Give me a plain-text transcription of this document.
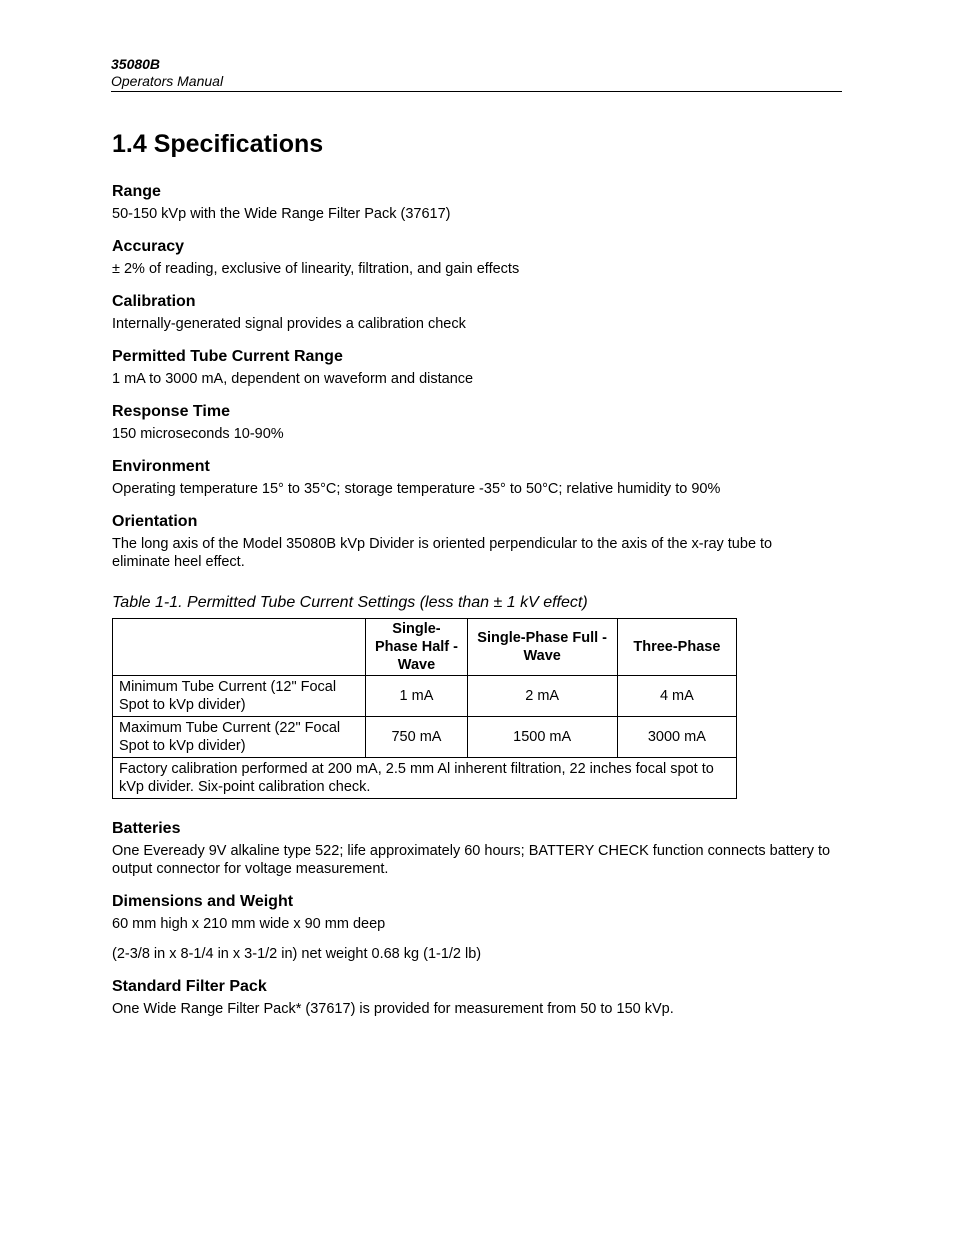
35080B
Operators Manual
1.4 Specifications

Range

50-150 kVp with the Wide Range Filter Pack (37617)

Accuracy

± 2% of reading, exclusive of linearity, filtration, and gain effects

Calibration

Internally-generated signal provides a calibration check

Permitted Tube Current Range

1 mA to 3000 mA, dependent on waveform and distance

Response Time

150 microseconds 10-90%

Environment

Operating temperature 15° to 35°C; storage temperature -35° to 50°C; relative humidity to 90%

Orientation

The long axis of the Model 35080B kVp Divider is oriented perpendicular to the axis of the x-ray tube to eliminate heel effect.

Table 1-1. Permitted Tube Current Settings (less than ± 1 kV effect)

	Single-Phase Half - Wave	Single-Phase Full - Wave	Three-Phase
Minimum Tube Current (12" Focal Spot to kVp divider)	1 mA	2 mA	4 mA
Maximum Tube Current (22" Focal Spot to kVp divider)	750 mA	1500 mA	3000 mA
Factory calibration performed at 200 mA, 2.5 mm Al inherent filtration, 22 inches focal spot to kVp divider. Six-point calibration check.			

Batteries

One Eveready 9V alkaline type 522; life approximately 60 hours; BATTERY CHECK function connects battery to output connector for voltage measurement.

Dimensions and Weight

60 mm high x 210 mm wide x 90 mm deep

(2-3/8 in x 8-1/4 in x 3-1/2 in) net weight 0.68 kg (1-1/2 lb)

Standard Filter Pack

One Wide Range Filter Pack* (37617) is provided for measurement from 50 to 150 kVp.
